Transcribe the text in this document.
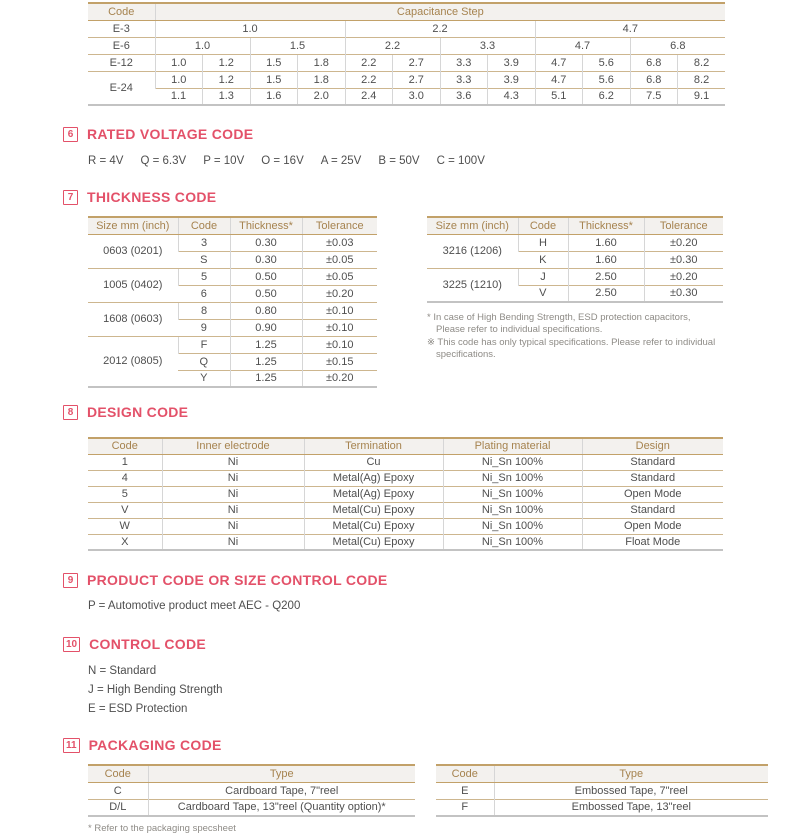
Code	Capacitance Step											
E-3	1.0				2.2				4.7			
E-6	1.0		1.5		2.2		3.3		4.7		6.8	
E-12	1.0	1.2	1.5	1.8	2.2	2.7	3.3	3.9	4.7	5.6	6.8	8.2
E-24	1.0	1.2	1.5	1.8	2.2	2.7	3.3	3.9	4.7	5.6	6.8	8.2
	1.1	1.3	1.6	2.0	2.4	3.0	3.6	4.3	5.1	6.2	7.5	9.1
6 RATED VOLTAGE CODE
R = 4V Q = 6.3V P = 10V O = 16V A = 25V B = 50V C = 100V
7 THICKNESS CODE
Size mm (inch)	Code	Thickness*	Tolerance
0603 (0201)	3	0.30	±0.03
	S	0.30	±0.05
1005 (0402)	5	0.50	±0.05
	6	0.50	±0.20
1608 (0603)	8	0.80	±0.10
	9	0.90	±0.10
2012 (0805)	F	1.25	±0.10
	Q	1.25	±0.15
	Y	1.25	±0.20
Size mm (inch)	Code	Thickness*	Tolerance
3216 (1206)	H	1.60	±0.20
	K	1.60	±0.30
3225 (1210)	J	2.50	±0.20
	V	2.50	±0.30
* In case of High Bending Strength, ESD protection capacitors,
Please refer to individual specifications.
※ This code has only typical specifications. Please refer to individual
specifications.
8 DESIGN CODE
Code	Inner electrode	Termination	Plating material	Design
1	Ni	Cu	Ni_Sn 100%	Standard
4	Ni	Metal(Ag) Epoxy	Ni_Sn 100%	Standard
5	Ni	Metal(Ag) Epoxy	Ni_Sn 100%	Open Mode
V	Ni	Metal(Cu) Epoxy	Ni_Sn 100%	Standard
W	Ni	Metal(Cu) Epoxy	Ni_Sn 100%	Open Mode
X	Ni	Metal(Cu) Epoxy	Ni_Sn 100%	Float Mode
9 PRODUCT CODE OR SIZE CONTROL CODE
P = Automotive product meet AEC - Q200
10 CONTROL CODE
N = Standard
J = High Bending Strength
E = ESD Protection
11 PACKAGING CODE
Code	Type
C	Cardboard Tape, 7"reel
D/L	Cardboard Tape, 13"reel (Quantity option)*
Code	Type
E	Embossed Tape, 7"reel
F	Embossed Tape, 13"reel
* Refer to the packaging specsheet
